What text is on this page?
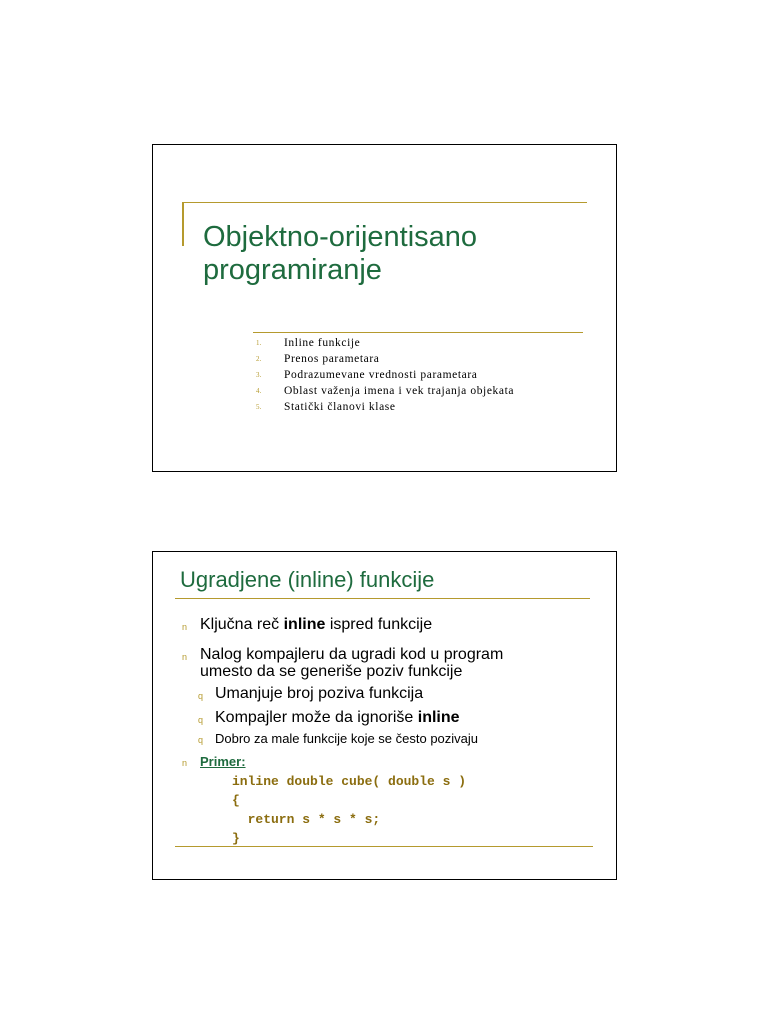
Objektno-orijentisano
programiranje
1. Inline funkcije
2. Prenos parametara
3. Podrazumevane vrednosti parametara
4. Oblast važenja imena i vek trajanja objekata
5. Statički članovi klase
Ugradjene (inline) funkcije
n Ključna reč inline ispred funkcije
n Nalog kompajleru da ugradi kod u program
umesto da se generiše poziv funkcije
q Umanjuje broj poziva funkcija
q Kompajler može da ignoriše inline
q Dobro za male funkcije koje se često pozivaju
n Primer:
inline double cube( double s )
{
return s * s * s;
}
